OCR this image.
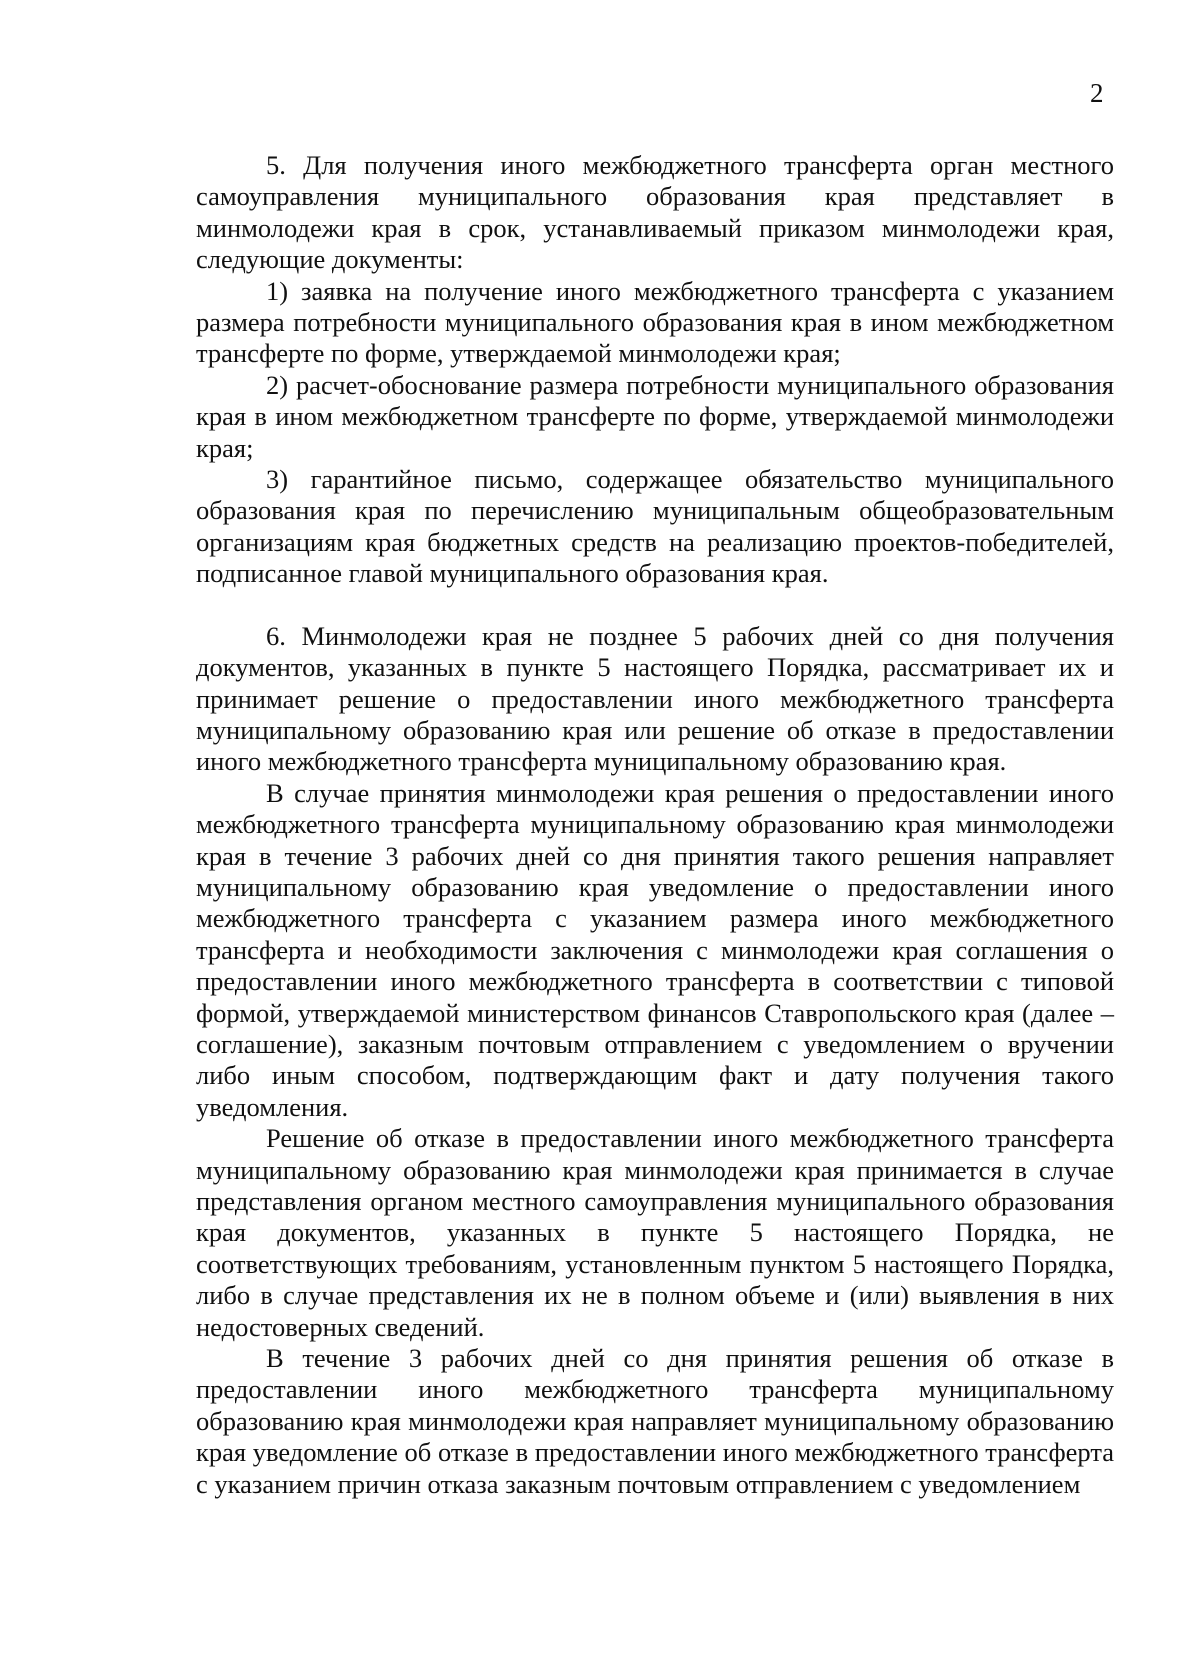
2

5. Для получения иного межбюджетного трансферта орган местного самоуправления муниципального образования края представляет в минмолодежи края в срок, устанавливаемый приказом минмолодежи края, следующие документы:

1) заявка на получение иного межбюджетного трансферта с указанием размера потребности муниципального образования края в ином межбюджетном трансферте по форме, утверждаемой минмолодежи края;

2) расчет-обоснование размера потребности муниципального образования края в ином межбюджетном трансферте по форме, утверждаемой минмолодежи края;

3) гарантийное письмо, содержащее обязательство муниципального образования края по перечислению муниципальным общеобразовательным организациям края бюджетных средств на реализацию проектов-победителей, подписанное главой муниципального образования края.

6. Минмолодежи края не позднее 5 рабочих дней со дня получения документов, указанных в пункте 5 настоящего Порядка, рассматривает их и принимает решение о предоставлении иного межбюджетного трансферта муниципальному образованию края или решение об отказе в предоставлении иного межбюджетного трансферта муниципальному образованию края.

В случае принятия минмолодежи края решения о предоставлении иного межбюджетного трансферта муниципальному образованию края минмолодежи края в течение 3 рабочих дней со дня принятия такого решения направляет муниципальному образованию края уведомление о предоставлении иного межбюджетного трансферта с указанием размера иного межбюджетного трансферта и необходимости заключения с минмолодежи края соглашения о предоставлении иного межбюджетного трансферта в соответствии с типовой формой, утверждаемой министерством финансов Ставропольского края (далее – соглашение), заказным почтовым отправлением с уведомлением о вручении либо иным способом, подтверждающим факт и дату получения такого уведомления.

Решение об отказе в предоставлении иного межбюджетного трансферта муниципальному образованию края минмолодежи края принимается в случае представления органом местного самоуправления муниципального образования края документов, указанных в пункте 5 настоящего Порядка, не соответствующих требованиям, установленным пунктом 5 настоящего Порядка, либо в случае представления их не в полном объеме и (или) выявления в них недостоверных сведений.

В течение 3 рабочих дней со дня принятия решения об отказе в предоставлении иного межбюджетного трансферта муниципальному образованию края минмолодежи края направляет муниципальному образованию края уведомление об отказе в предоставлении иного межбюджетного трансферта с указанием причин отказа заказным почтовым отправлением с уведомлением
